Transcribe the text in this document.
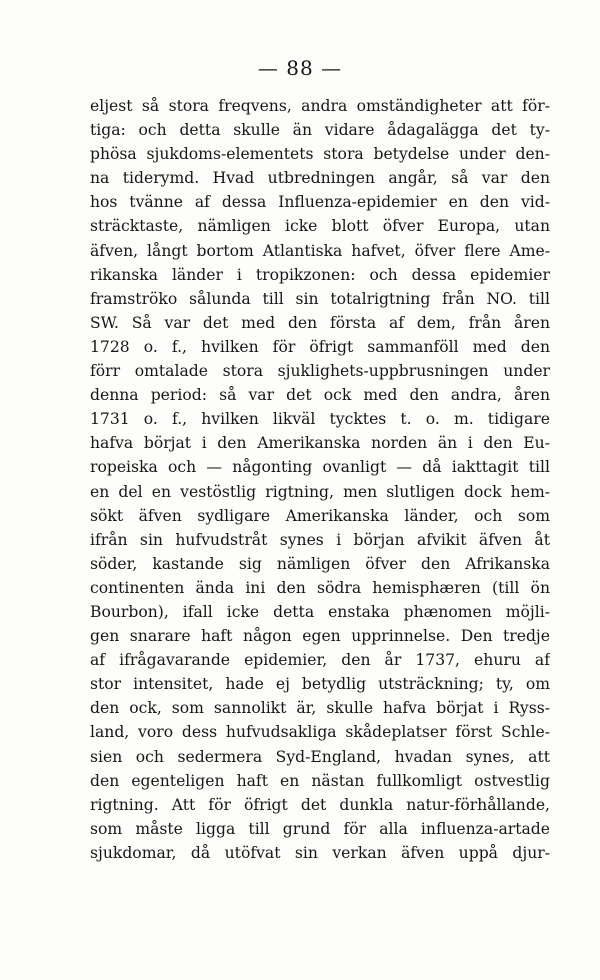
— 88 —
eljest så stora freqvens, andra omständigheter att för-
tiga: och detta skulle än vidare ådagalägga det ty-
phösa sjukdoms-elementets stora betydelse under den-
na tiderymd. Hvad utbredningen angår, så var den
hos tvänne af dessa Influenza-epidemier en den vid-
sträcktaste, nämligen icke blott öfver Europa, utan
äfven, långt bortom Atlantiska hafvet, öfver flere Ame-
rikanska länder i tropikzonen: och dessa epidemier
framströko sålunda till sin totalrigtning från NO. till
SW. Så var det med den första af dem, från åren
1728 o. f., hvilken för öfrigt sammanföll med den
förr omtalade stora sjuklighets-uppbrusningen under
denna period: så var det ock med den andra, åren
1731 o. f., hvilken likväl tycktes t. o. m. tidigare
hafva börjat i den Amerikanska norden än i den Eu-
ropeiska och — någonting ovanligt — då iakttagit till
en del en vestöstlig rigtning, men slutligen dock hem-
sökt äfven sydligare Amerikanska länder, och som
ifrån sin hufvudstråt synes i början afvikit äfven åt
söder, kastande sig nämligen öfver den Afrikanska
continenten ända ini den södra hemisphæren (till ön
Bourbon), ifall icke detta enstaka phænomen möjli-
gen snarare haft någon egen upprinnelse. Den tredje
af ifrågavarande epidemier, den år 1737, ehuru af
stor intensitet, hade ej betydlig utsträckning; ty, om
den ock, som sannolikt är, skulle hafva börjat i Ryss-
land, voro dess hufvudsakliga skådeplatser först Schle-
sien och sedermera Syd-England, hvadan synes, att
den egenteligen haft en nästan fullkomligt ostvestlig
rigtning. Att för öfrigt det dunkla natur-förhållande,
som måste ligga till grund för alla influenza-artade
sjukdomar, då utöfvat sin verkan äfven uppå djur-
